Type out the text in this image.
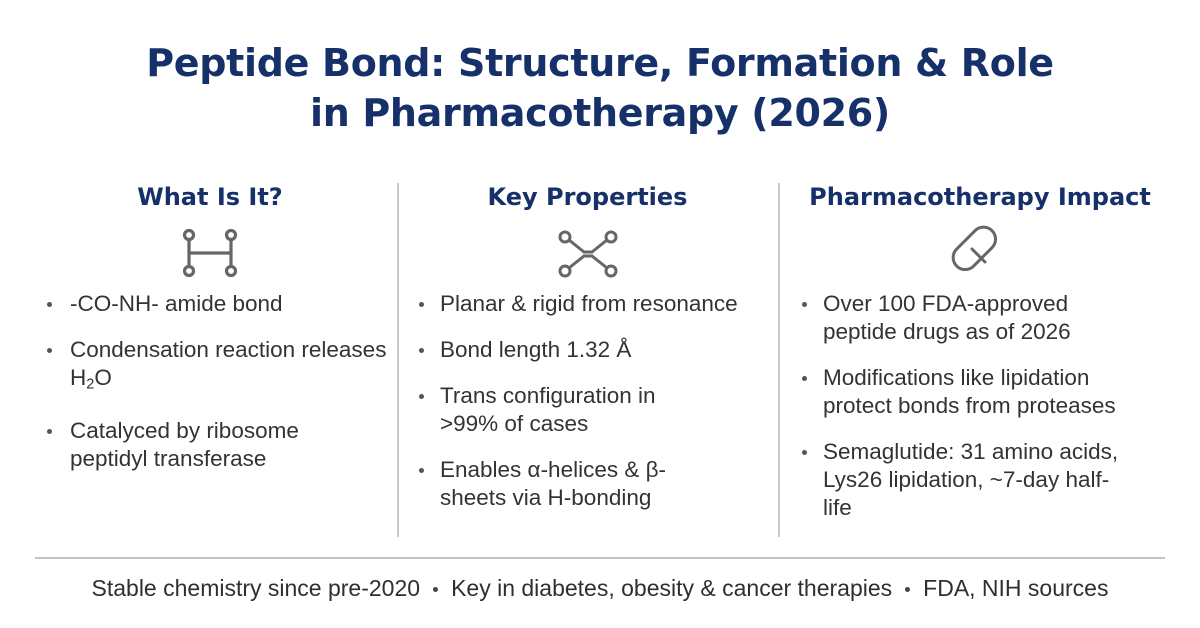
Peptide Bond: Structure, Formation & Role
in Pharmacotherapy (2026)
What Is It?
-CO-NH- amide bond
Condensation reaction releases $H_2O$
Catalyced by ribosome peptidyl transferase
Key Properties
Planar & rigid from resonance
Bond length 1.32 Å
Trans configuration in >99% of cases
Enables α-helices & β-sheets via H-bonding
Pharmacotherapy Impact
Over 100 FDA-approved peptide drugs as of 2026
Modifications like lipidation protect bonds from proteases
Semaglutide: 31 amino acids, Lys26 lipidation, ~7-day half-life
Stable chemistry since pre-2020 Key in diabetes, obesity & cancer therapies FDA, NIH sources
